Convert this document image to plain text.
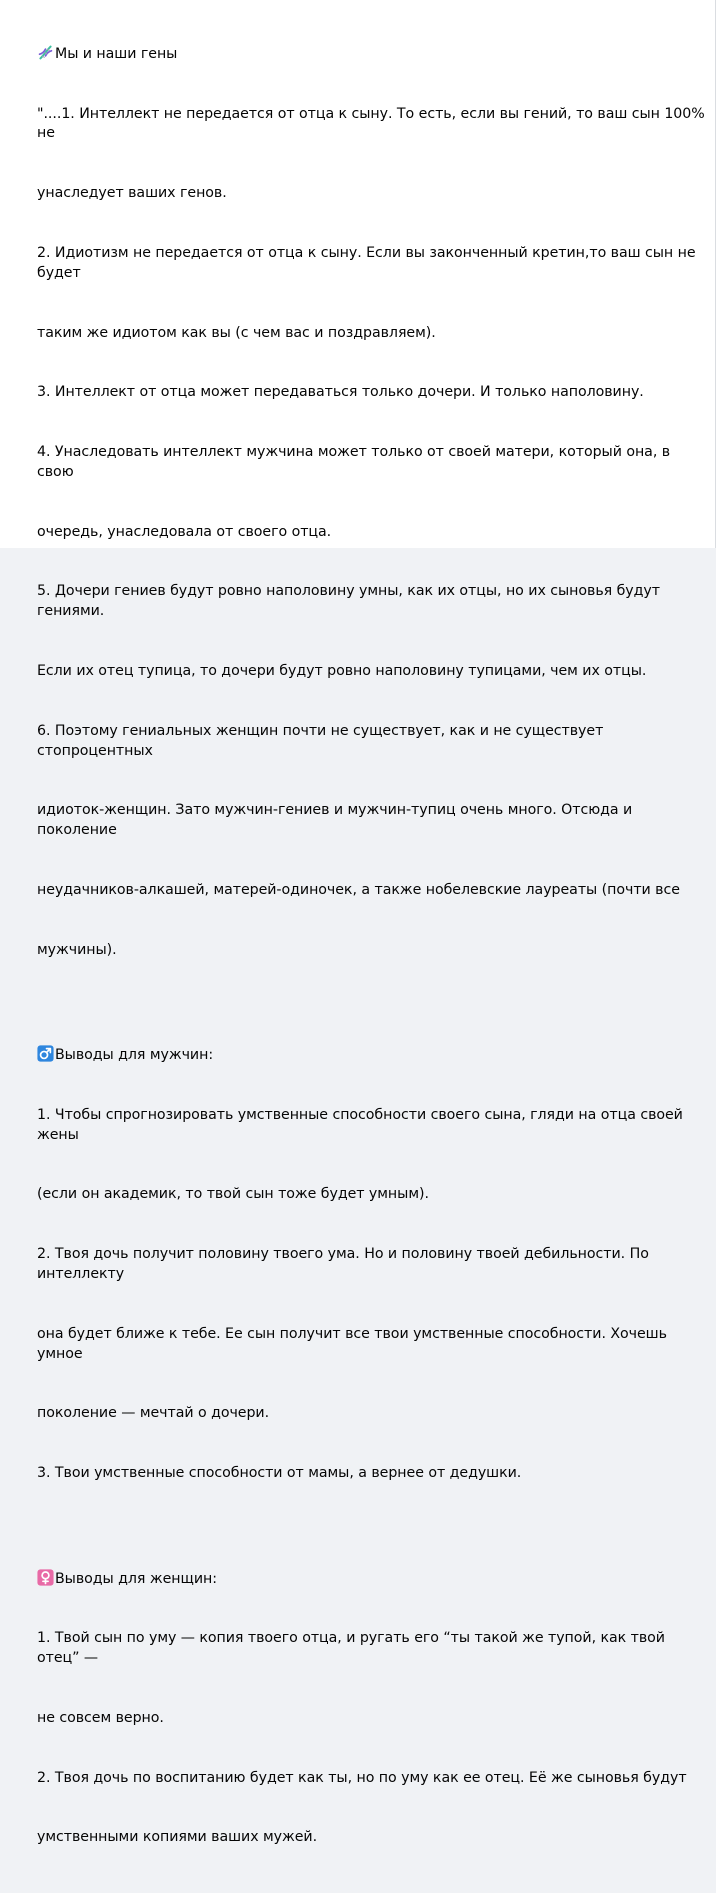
Мы и наши гены

"....1. Интеллект не передается от отца к сыну. То есть, если вы гений, то ваш сын 100% не

унаследует ваших генов.

2. Идиотизм не передается от отца к сыну. Если вы законченный кретин,то ваш сын не будет

таким же идиотом как вы (с чем вас и поздравляем).

3. Интеллект от отца может передаваться только дочери. И только наполовину.

4. Унаследовать интеллект мужчина может только от своей матери, который она, в свою

очередь, унаследовала от своего отца.

5. Дочери гениев будут ровно наполовину умны, как их отцы, но их сыновья будут гениями.

Если их отец тупица, то дочери будут ровно наполовину тупицами, чем их отцы.

6. Поэтому гениальных женщин почти не существует, как и не существует стопроцентных

идиоток-женщин. Зато мужчин-гениев и мужчин-тупиц очень много. Отсюда и поколение

неудачников-алкашей, матерей-одиночек, а также нобелевские лауреаты (почти все

мужчины).

Выводы для мужчин:

1. Чтобы спрогнозировать умственные способности своего сына, гляди на отца своей жены

(если он академик, то твой сын тоже будет умным).

2. Твоя дочь получит половину твоего ума. Но и половину твоей дебильности. По интеллекту

она будет ближе к тебе. Ее сын получит все твои умственные способности. Хочешь умное

поколение — мечтай о дочери.

3. Твои умственные способности от мамы, а вернее от дедушки.

Выводы для женщин:

1. Твой сын по уму — копия твоего отца, и ругать его “ты такой же тупой, как твой отец” —

не совсем верно.

2. Твоя дочь по воспитанию будет как ты, но по уму как ее отец. Её же сыновья будут

умственными копиями ваших мужей.
